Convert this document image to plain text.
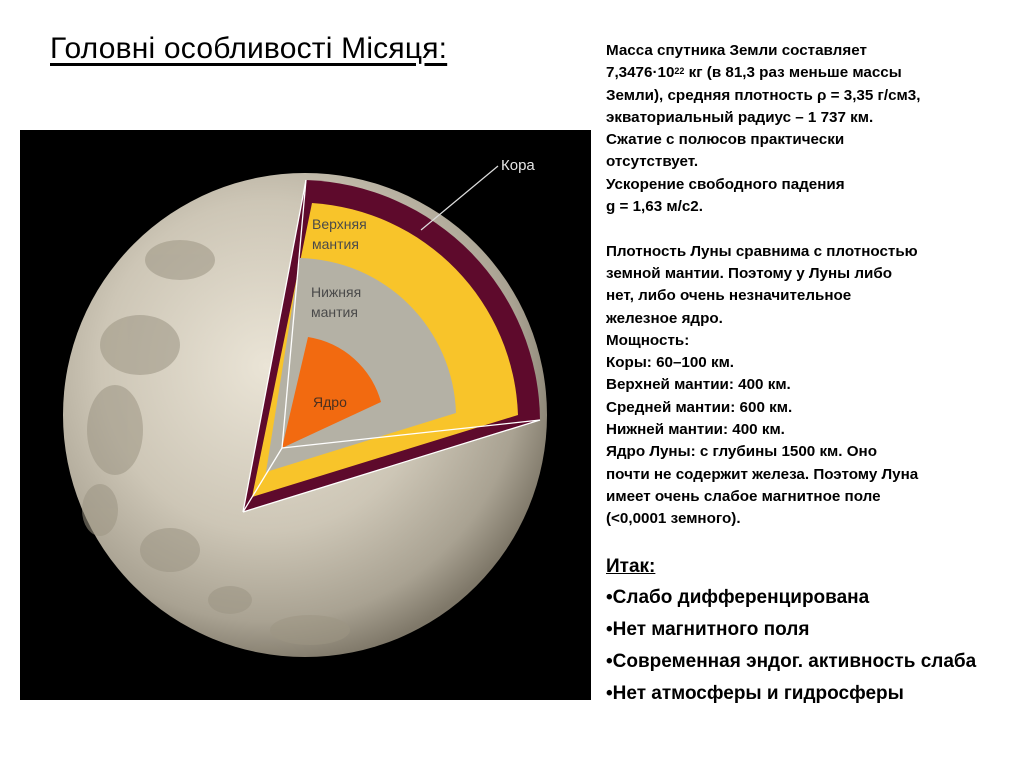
Головні особливості Місяця:
Кора
Верхняя
мантия
Нижняя
мантия
Ядро
Масса спутника Земли составляет
$7,3476\cdot 10^{22}$ кг (в 81,3 раз меньше массы
Земли), средняя плотность ρ = 3,35 г/см3,
экваториальный радиус – 1 737 км.
Сжатие с полюсов практически
отсутствует.
Ускорение свободного падения
g = 1,63 м/с2.
Плотность Луны сравнима с плотностью
земной мантии. Поэтому у Луны либо
нет, либо очень незначительное
железное ядро.
Мощность:
Коры: 60–100 км.
Верхней мантии: 400 км.
Средней мантии: 600 км.
Нижней мантии: 400 км.
Ядро Луны: с глубины 1500 км. Оно
почти не содержит железа. Поэтому Луна
имеет очень слабое магнитное поле
(<0,0001 земного).
Итак:
•Слабо дифференцирована
•Нет магнитного поля
•Современная эндог. активность слаба
•Нет атмосферы и гидросферы
